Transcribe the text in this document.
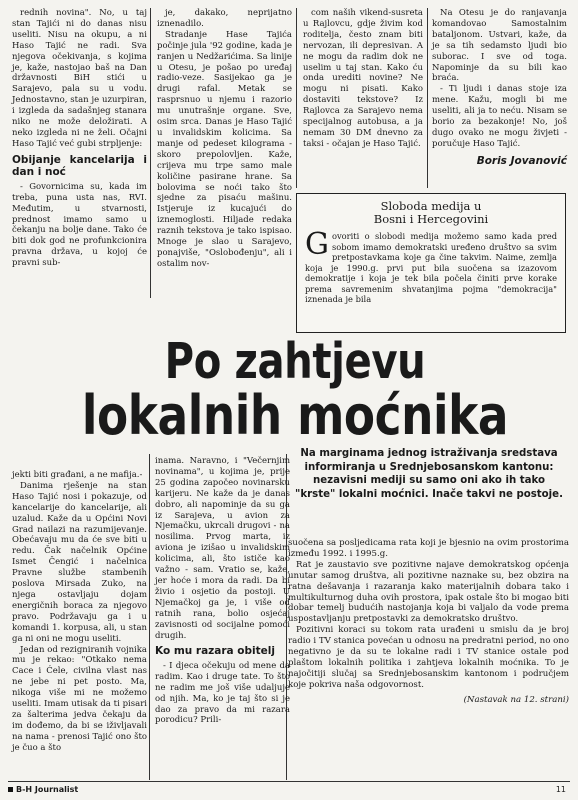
rednih novina". No, u taj stan Tajići ni do danas nisu useliti. Nisu na okupu, a ni Haso Tajić ne radi. Sva njegova očekivanja, s kojima je, kaže, nastojao baš na Dan državnosti BiH stići u Sarajevo, pala su u vodu. Jednostavno, stan je uzurpiran, i izgleda da sadašnjeg stanara niko ne može deložirati. A neko izgleda ni ne želi. Očajni Haso Tajić već gubi strpljenje:

Obijanje kancelarija i dan i noć

- Govornicima su, kada im treba, puna usta nas, RVI. Međutim, u stvarnosti, prednost imamo samo u čekanju na bolje dane. Tako će biti dok god ne profunkcionira pravna država, u kojoj će pravni sub-

je, dakako, neprijatno iznenadilo.

Stradanje Hase Tajića počinje jula '92 godine, kada je ranjen u Nedžarićima. Sa linije u Otesu, je pošao po uređaj radio-veze. Sasijekao ga je drugi rafal. Metak se rasprsnuo u njemu i razorio mu unutrašnje organe. Sve, osim srca. Danas je Haso Tajić u invalidskim kolicima. Sa manje od pedeset kilograma - skoro prepolovljen. Kaže, crijeva mu trpe samo male količine pasirane hrane. Sa bolovima se noći tako što sjedne za pisaću mašinu. Istjeruje iz kucajući do iznemoglosti. Hiljade redaka raznih tekstova je tako ispisao. Mnoge je slao u Sarajevo, ponajviše, "Oslobođenju", ali i ostalim nov-

com naših vikend-susreta u Rajlovcu, gdje živim kod roditelja, često znam biti nervozan, ili depresivan. A ne mogu da radim dok ne uselim u taj stan. Kako ću onda urediti novine? Ne mogu ni pisati. Kako dostaviti tekstove? Iz Rajlovca za Sarajevo nema specijalnog autobusa, a ja nemam 30 DM dnevno za taksi - očajan je Haso Tajić.

Na Otesu je do ranjavanja komandovao Samostalnim bataljonom. Ustvari, kaže, da je sa tih sedamsto ljudi bio suborac. I sve od toga. Napominje da su bili kao braća.

- Ti ljudi i danas stoje iza mene. Kažu, mogli bi me useliti, ali ja to neću. Nisam se borio za bezakonje! No, još dugo ovako ne mogu živjeti - poručuje Haso Tajić.

Boris Jovanović

Sloboda medija u
Bosni i Hercegovini
G ovoriti o slobodi medija možemo samo kada pred sobom imamo demokratski uređeno društvo sa svim pretpostavkama koje ga čine takvim. Naime, zemlja koja je 1990.g. prvi put bila suočena sa izazovom demokratije i koja je tek bila počela činiti prve korake prema savremenim shvatanjima pojma "demokracija" iznenada je bila
Po zahtjevu
lokalnih moćnika

jekti biti građani, a ne mafija.-

Danima rješenje na stan Haso Tajić nosi i pokazuje, od kancelarije do kancelarije, ali uzalud. Kaže da u Općini Novi Grad nailazi na razumijevanje. Obećavaju mu da će sve biti u redu. Čak načelnik Općine Ismet Čengić i načelnica Pravne službe stambenih poslova Mirsada Zuko, na njega ostavljaju dojam energičnih boraca za njegovo pravo. Podržavaju ga i u komandi 1. korpusa, ali, u stan ga ni oni ne mogu useliti.

Jedan od rezigniranih vojnika mu je rekao: "Otkako nema Cace i Ćele, civilna vlast nas ne jebe ni pet posto. Ma, nikoga više mi ne možemo useliti. Imam utisak da ti pisari za šalterima jedva čekaju da im dođemo, da bi se iživljavali na nama - prenosi Tajić ono što je čuo a što

inama. Naravno, i "Večernjim novinama", u kojima je, prije 25 godina započeo novinarsku karijeru. Ne kaže da je danas dobro, ali napominje da su ga iz Sarajeva, u avion za Njemačku, ukrcali drugovi - na nosilima. Prvog marta, iz aviona je izišao u invalidskim kolicima, ali, što ističe kao važno - sam. Vratio se, kaže, jer hoće i mora da radi. Da bi živio i osjetio da postoji. U Njemačkoj ga je, i više od ratnih rana, bolio osjećaj zavisnosti od socijalne pomoći drugih.

Ko mu razara obitelj

- I djeca očekuju od mene da radim. Kao i druge tate. To što ne radim me još više udaljuje od njih. Ma, ko je taj što si je dao za pravo da mi razara porodicu? Prili-

Na marginama jednog istraživanja sredstava informiranja u Srednjebosanskom kantonu: nezavisni mediji su samo oni ako ih tako "krste" lokalni moćnici. Inače takvi ne postoje.

suočena sa posljedicama rata koji je bjesnio na ovim prostorima između 1992. i 1995.g.

Rat je zaustavio sve pozitivne najave demokratskog općenja unutar samog društva, ali pozitivne naznake su, bez obzira na ratna dešavanja i razaranja kako materijalnih dobara tako i multikulturnog duha ovih prostora, ipak ostale što bi mogao biti dobar temelj budućih nastojanja koja bi valjalo da vode prema uspostavljanju pretpostavki za demokratsko društvo.

Pozitivni koraci su tokom rata urađeni u smislu da je broj radio i TV stanica povećan u odnosu na predratni period, no ono negativno je da su te lokalne radi i TV stanice ostale pod plaštom lokalnih politika i zahtjeva lokalnih moćnika. To je najočitiji slučaj sa Srednjebosanskim kantonom i područjem koje pokriva naša odgovornost.

(Nastavak na 12. strani)

B-H Journalist	11
